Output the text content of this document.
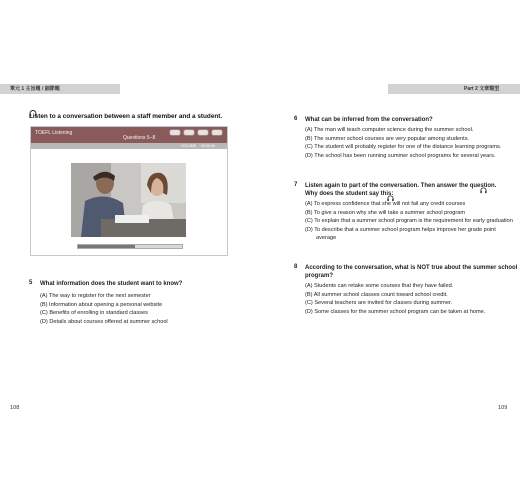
單元 1 主旨題 / 細節題	Part 2 文章類型
Listen to a conversation between a staff member and a student.
TOEFL Listening
Questions 5–8
VOLUME 00:00:46
5 What information does the student want to know?
(A) The way to register for the next semester
(B) Information about opening a personal website
(C) Benefits of enrolling in standard classes
(D) Details about courses offered at summer school
108
6 What can be inferred from the conversation?
(A) The man will teach computer science during the summer school.
(B) The summer school courses are very popular among students.
(C) The student will probably register for one of the distance learning programs.
(D) The school has been running summer school programs for several years.
7 Listen again to part of the conversation. Then answer the question.
Why does the student say this:
(A) To express confidence that she will not fail any credit courses
(B) To give a reason why she will take a summer school program
(C) To explain that a summer school program is the requirement for early graduation
(D) To describe that a summer school program helps improve her grade point
average
8 According to the conversation, what is NOT true about the summer school
program?
(A) Students can retake some courses that they have failed.
(B) All summer school classes count toward school credit.
(C) Several teachers are invited for classes during summer.
(D) Some classes for the summer school program can be taken at home.
109
